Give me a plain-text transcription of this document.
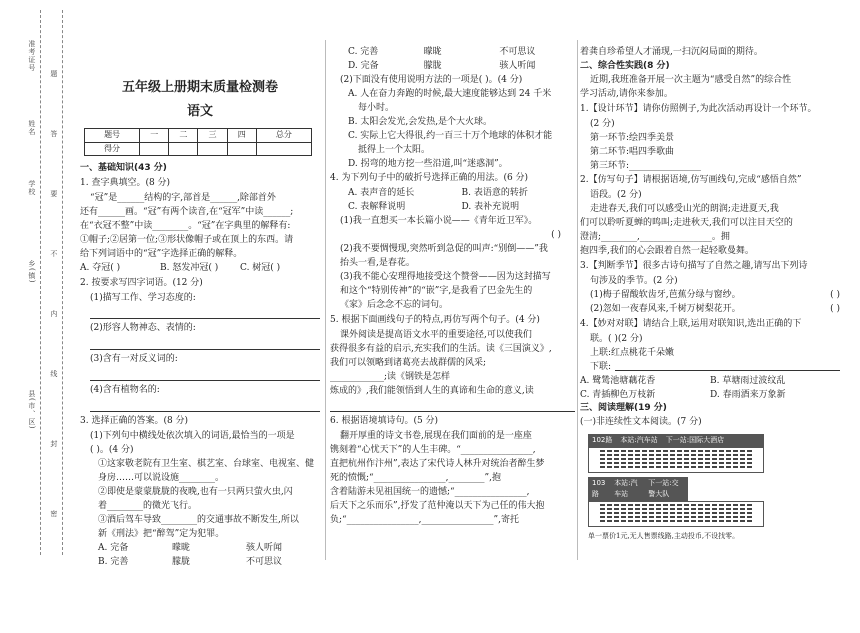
县(市、区)
乡(镇)
学校
姓名
准考证号
密
封
线
内
不
要
答
题
五年级上册期末质量检测卷
语文
题号	一	二	三	四	总分
得分					
一、基础知识(43 分)
1. 查字典填空。(8 分)
“冠”是______结构的字,部首是______,除部首外
还有______画。“冠”有两个读音,在“冠军”中读______;
在“衣冠不整”中读________。“冠”在字典里的解释有:
①帽子;②居第一位;③形状像帽子或在顶上的东西。请
给下列词语中的“冠”字选择正确的解释。
A. 夺冠( )	B. 怒发冲冠( )	C. 树冠( )
2. 按要求写四字词语。(12 分)
(1)描写工作、学习态度的:
(2)形容人物神态、表情的:
(3)含有一对反义词的:
(4)含有植物名的:
3. 选择正确的答案。(8 分)
(1)下列句中横线处依次填入的词语,最恰当的一项是
( )。(4 分)
①这家敬老院有卫生室、棋艺室、台球室、电视室、健
身房……可以说设施________。
②即使是蒙蒙胧胧的夜晚,也有一只两只萤火虫,闪
着________的微光飞行。
③酒后驾车导致________的交通事故不断发生,所以
新《刑法》把“醉驾”定为犯罪。
A. 完备	曚昽	骇人听闻
B. 完善	朦胧	不可思议
C. 完善	曚昽	不可思议
D. 完备	朦胧	骇人听闻
(2)下面没有使用说明方法的一项是( )。(4 分)
A. 人在奋力奔跑的时候,最大速度能够达到 24 千米
每小时。
B. 太阳会发光,会发热,是个大火球。
C. 实际上它大得很,约一百三十万个地球的体积才能
抵得上一个太阳。
D. 拐弯的地方挖一些沿道,叫“迷惑洞”。
4. 为下列句子中的破折号选择正确的用法。(6 分)
A. 表声音的延长	B. 表语意的转折
C. 表解释说明	D. 表补充说明
(1)我一直想买一本长篇小说——《青年近卫军》。
( )
(2)我不要惆慢现,突然听到急促的叫声:“别倒——”我
抬头一看,是春花。
(3)我不能心安理得地接受这个赞誉——因为这封描写
和这个“特别传神”的“嵌”字,是我看了巴金先生的
《家》后念念不忘的词句。
5. 根据下面画线句子的特点,再仿写两个句子。(4 分)
课外阅读是提高语文水平的重要途径,可以使我们
获得很多有益的启示,充实我们的生活。读《三国演义》,
我们可以领略到诸葛亮去战群儒的风采;
____________;读《钢铁是怎样
炼成的》,我们能领悟到人生的真谛和生命的意义,读
6. 根据语境填诗句。(5 分)
翻开厚重的诗文书卷,展现在我们面前的是一座座
镌刻着“心忧天下”的人生丰碑。“________________,
直把杭州作汴州”,表达了宋代诗人林升对统治者醉生梦
死的愤慨;“________________,________”,抱
含着陆游未见祖国统一的遗憾;“________________,
后天下之乐而乐”,抒发了范仲淹以天下为己任的伟大抱
负;“________________,________________”,寄托
着龚自珍希望人才涌现,一扫沉闷局面的期待。
二、综合性实践(8 分)
近期,我班准备开展一次主题为“感受自然”的综合性
学习活动,请你来参加。
1.【设计环节】请你仿照例子,为此次活动再设计一个环节。
(2 分)
第一环节:绘四季美景
第二环节:唱四季歌曲
第三环节:________________
2.【仿写句子】请根据语境,仿写画线句,完成“感悟自然”
语段。(2 分)
走进春天,我们可以感受山光的朗润;走进夏天,我
们可以聆听夏蝉的鸣叫;走进秋天,我们可以注目天空的
澄清;________,________________。拥
抱四季,我们的心会跟着自然一起轻歌曼舞。
3.【判断季节】很多古诗句描写了自然之趣,请写出下列诗
句涉及的季节。(2 分)
(1)梅子留酸软齿牙,芭蕉分绿与窗纱。	( )
(2)忽如一夜春风来,千树万树梨花开。	( )
4.【妙对对联】请结合上联,运用对联知识,选出正确的下
联。( )(2 分)
上联:红点桃花千朵嫩
下联:
A. 鹭鸶池塘藕花香	B. 草塘雨过波纹乱
C. 青插柳色万枝新	D. 春雨酒来万象新
三、阅读理解(19 分)
(一)非连续性文本阅读。(7 分)
102路 本站:汽车站 下一站:国际大酒店
103路
本站:汽车站
下一站:交警大队
单一票价1元,无人售票线路,主动投币,不设找零。
